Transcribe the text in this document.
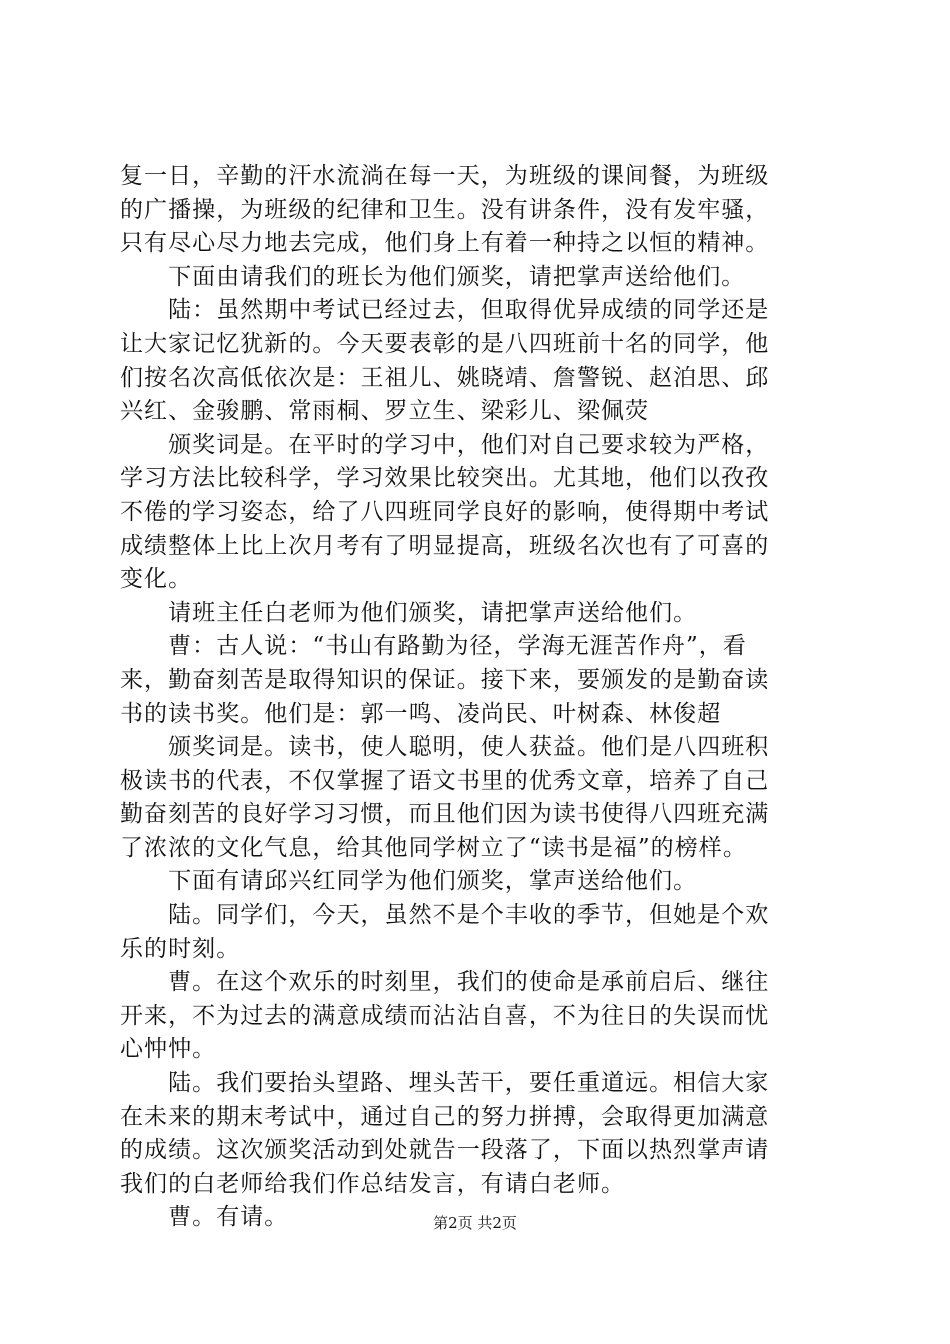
复一日，辛勤的汗水流淌在每一天，为班级的课间餐，为班级
的广播操，为班级的纪律和卫生。没有讲条件，没有发牢骚，
只有尽心尽力地去完成，他们身上有着一种持之以恒的精神。
　　下面由请我们的班长为他们颁奖，请把掌声送给他们。
　　陆：虽然期中考试已经过去，但取得优异成绩的同学还是
让大家记忆犹新的。今天要表彰的是八四班前十名的同学，他
们按名次高低依次是：王祖儿、姚晓靖、詹警锐、赵泊思、邱
兴红、金骏鹏、常雨桐、罗立生、梁彩儿、梁佩荧
　　颁奖词是。在平时的学习中，他们对自己要求较为严格，
学习方法比较科学，学习效果比较突出。尤其地，他们以孜孜
不倦的学习姿态，给了八四班同学良好的影响，使得期中考试
成绩整体上比上次月考有了明显提高，班级名次也有了可喜的
变化。
　　请班主任白老师为他们颁奖，请把掌声送给他们。
　　曹：古人说：“书山有路勤为径，学海无涯苦作舟”，看
来，勤奋刻苦是取得知识的保证。接下来，要颁发的是勤奋读
书的读书奖。他们是：郭一鸣、凌尚民、叶树森、林俊超
　　颁奖词是。读书，使人聪明，使人获益。他们是八四班积
极读书的代表，不仅掌握了语文书里的优秀文章，培养了自己
勤奋刻苦的良好学习习惯，而且他们因为读书使得八四班充满
了浓浓的文化气息，给其他同学树立了“读书是福”的榜样。
　　下面有请邱兴红同学为他们颁奖，掌声送给他们。
　　陆。同学们，今天，虽然不是个丰收的季节，但她是个欢
乐的时刻。
　　曹。在这个欢乐的时刻里，我们的使命是承前启后、继往
开来，不为过去的满意成绩而沾沾自喜，不为往日的失误而忧
心忡忡。
　　陆。我们要抬头望路、埋头苦干，要任重道远。相信大家
在未来的期末考试中，通过自己的努力拼搏，会取得更加满意
的成绩。这次颁奖活动到处就告一段落了，下面以热烈掌声请
我们的白老师给我们作总结发言，有请白老师。
　　曹。有请。	第2页 共2页
